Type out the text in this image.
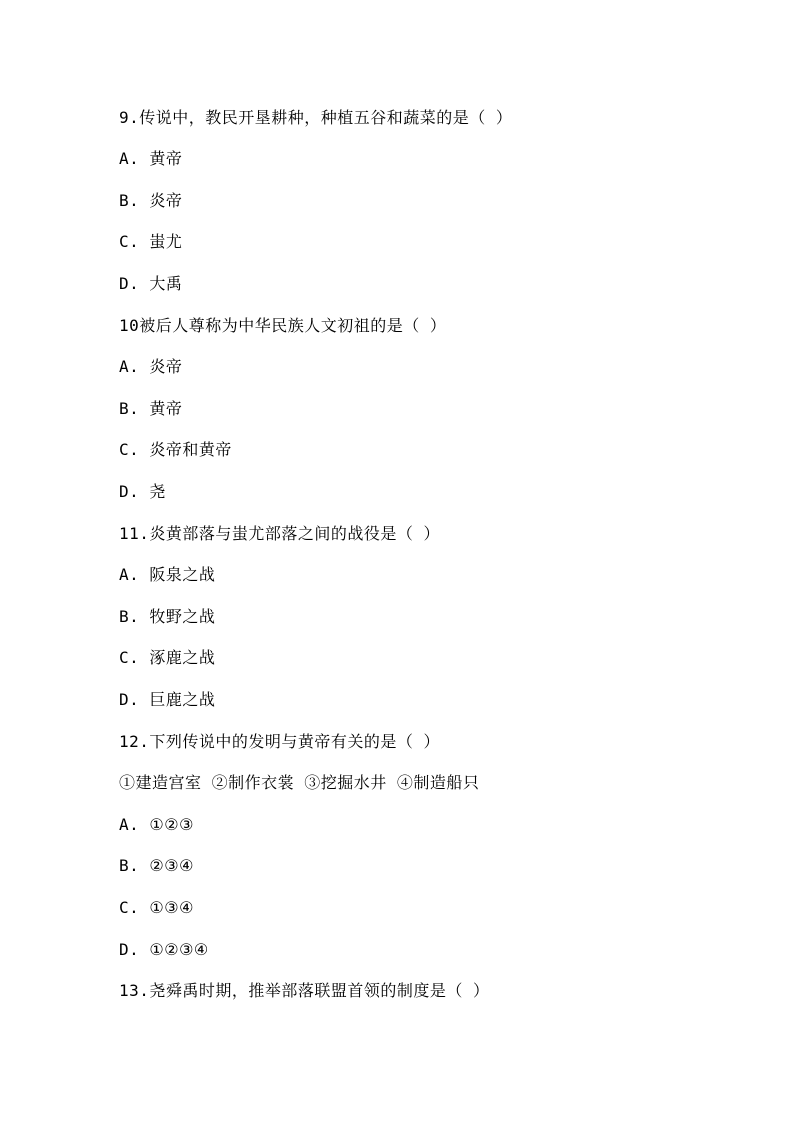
9.传说中，教民开垦耕种，种植五谷和蔬菜的是（ ）
A. 黄帝
B. 炎帝
C. 蚩尤
D. 大禹
10被后人尊称为中华民族人文初祖的是（ ）
A. 炎帝
B. 黄帝
C. 炎帝和黄帝
D. 尧
11.炎黄部落与蚩尤部落之间的战役是（ ）
A. 阪泉之战
B. 牧野之战
C. 涿鹿之战
D. 巨鹿之战
12.下列传说中的发明与黄帝有关的是（ ）
①建造宫室 ②制作衣裳 ③挖掘水井 ④制造船只
A. ①②③
B. ②③④
C. ①③④
D. ①②③④
13.尧舜禹时期，推举部落联盟首领的制度是（ ）
